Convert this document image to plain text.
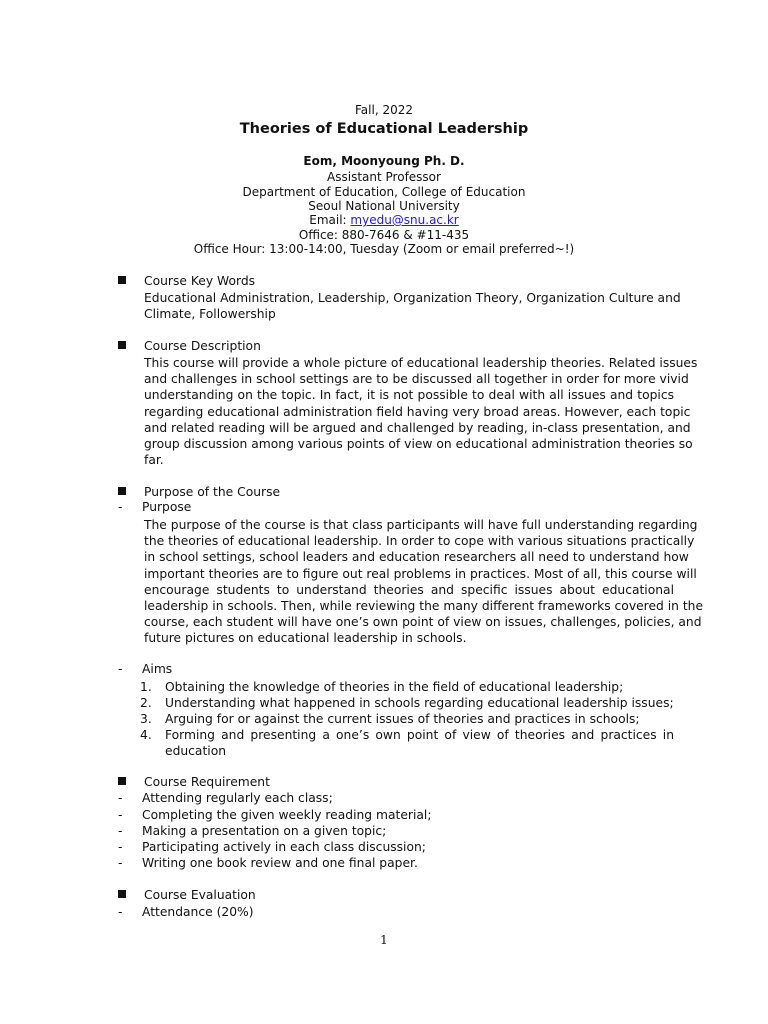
Fall, 2022
Theories of Educational Leadership
Eom, Moonyoung Ph. D.
Assistant Professor
Department of Education, College of Education
Seoul National University
Email: myedu@snu.ac.kr
Office: 880-7646 & #11-435
Office Hour: 13:00-14:00, Tuesday (Zoom or email preferred~!)
Course Key Words
Educational Administration, Leadership, Organization Theory, Organization Culture and
Climate, Followership
Course Description
This course will provide a whole picture of educational leadership theories. Related issues
and challenges in school settings are to be discussed all together in order for more vivid
understanding on the topic. In fact, it is not possible to deal with all issues and topics
regarding educational administration field having very broad areas. However, each topic
and related reading will be argued and challenged by reading, in-class presentation, and
group discussion among various points of view on educational administration theories so
far.
Purpose of the Course
- Purpose
The purpose of the course is that class participants will have full understanding regarding
the theories of educational leadership. In order to cope with various situations practically
in school settings, school leaders and education researchers all need to understand how
important theories are to figure out real problems in practices. Most of all, this course will
encourage students to understand theories and specific issues about educational
leadership in schools. Then, while reviewing the many different frameworks covered in the
course, each student will have one’s own point of view on issues, challenges, policies, and
future pictures on educational leadership in schools.
- Aims
1. Obtaining the knowledge of theories in the field of educational leadership;
2. Understanding what happened in schools regarding educational leadership issues;
3. Arguing for or against the current issues of theories and practices in schools;
4. Forming and presenting a one’s own point of view of theories and practices in
education
Course Requirement
- Attending regularly each class;
- Completing the given weekly reading material;
- Making a presentation on a given topic;
- Participating actively in each class discussion;
- Writing one book review and one final paper.
Course Evaluation
- Attendance (20%)
1
